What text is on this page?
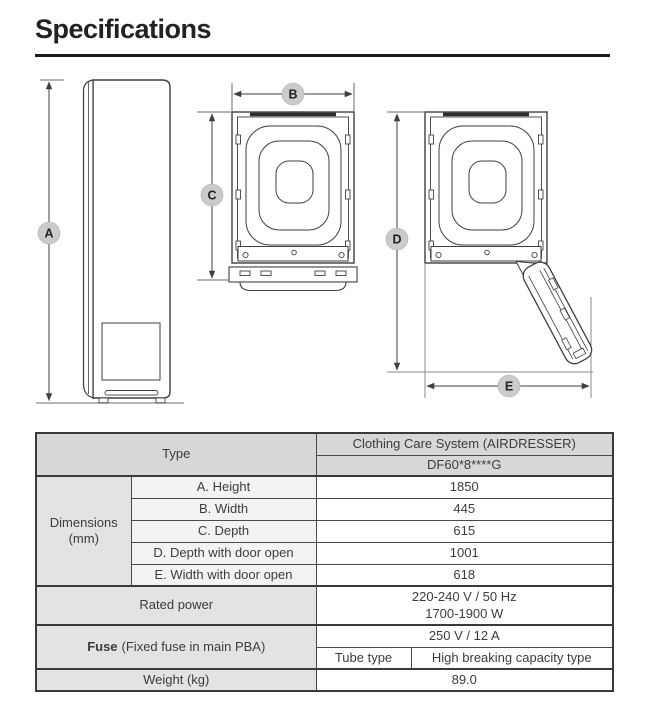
Specifications
A
B
C
D
E
Type		Clothing Care System (AIRDRESSER)	
		DF60*8****G	

Dimensions
(mm)	A. Height	1850	
	B. Width	445	
	C. Depth	615	
	D. Depth with door open	1001	
	E. Width with door open	618	
Rated power		220-240 V / 50 Hz
1700-1900 W	

Fuse (Fixed fuse in main PBA)		250 V / 12 A	
		Tube type	High breaking capacity type
Weight (kg)		89.0	
